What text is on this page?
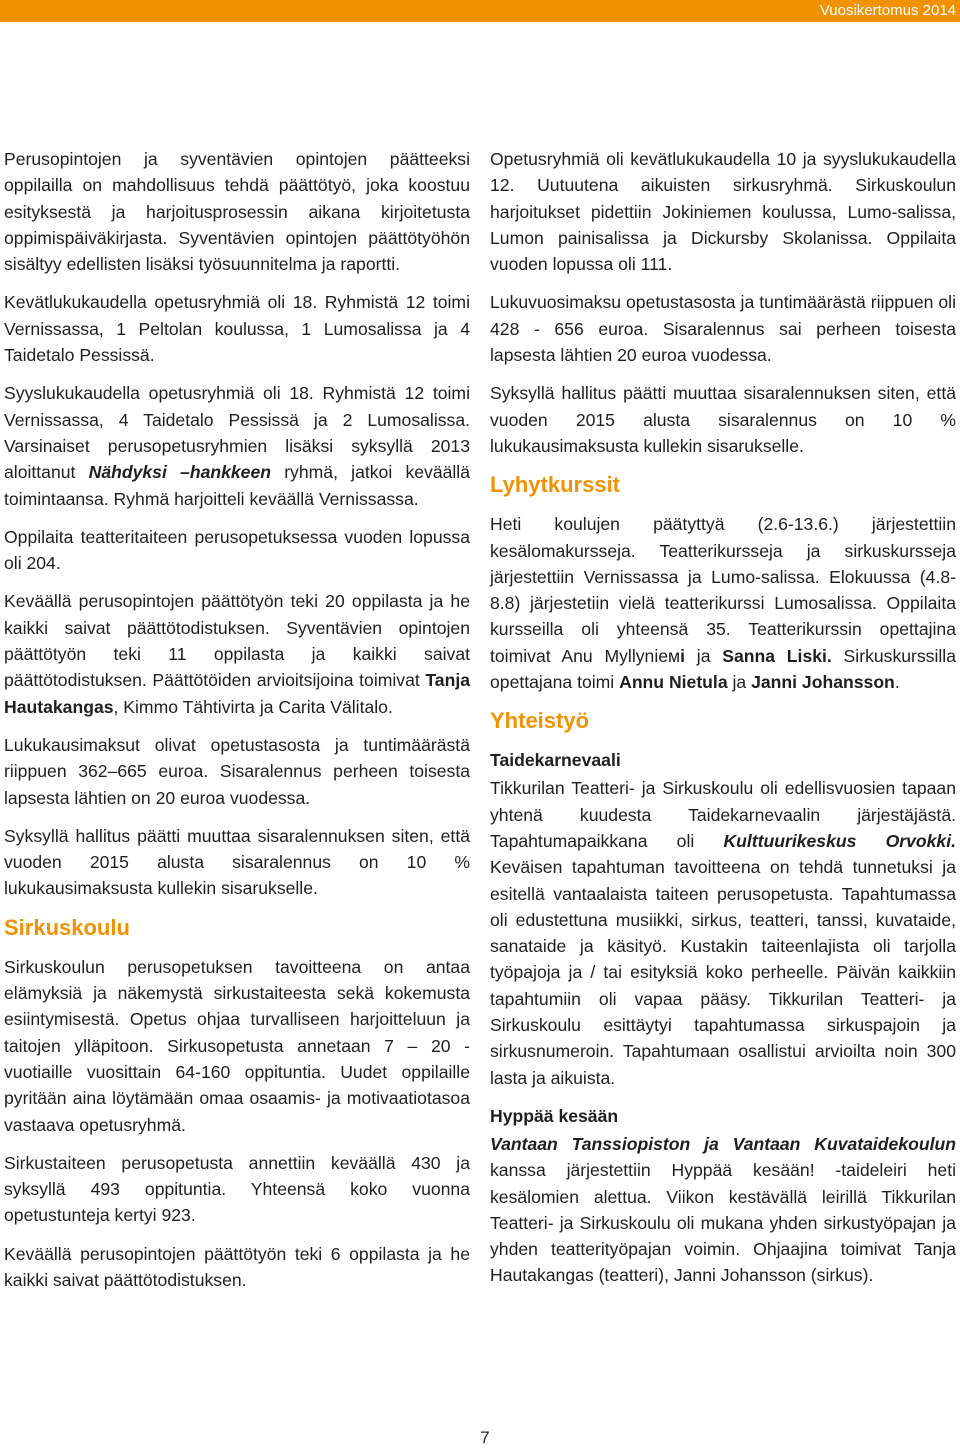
Vuosikertomus 2014

Perusopintojen ja syventävien opintojen päätteeksi oppilailla on mahdollisuus tehdä päättötyö, joka koostuu esityksestä ja harjoitusprosessin aikana kirjoitetusta oppimispäiväkirjasta. Syventävien opintojen päättötyöhön sisältyy edellisten lisäksi työsuunnitelma ja raportti.

Kevätlukukaudella opetusryhmiä oli 18. Ryhmistä 12 toimi Vernissassa, 1 Peltolan koulussa, 1 Lumosalissa ja 4 Taidetalo Pessissä.

Syyslukukaudella opetusryhmiä oli 18. Ryhmistä 12 toimi Vernissassa, 4 Taidetalo Pessissä ja 2 Lumosalissa. Varsinaiset perusopetusryhmien lisäksi syksyllä 2013 aloittanut Nähdyksi –hankkeen ryhmä, jatkoi keväällä toimintaansa. Ryhmä harjoitteli keväällä Vernissassa.

Oppilaita teatteritaiteen perusopetuksessa vuoden lopussa oli 204.

Keväällä perusopintojen päättötyön teki 20 oppilasta ja he kaikki saivat päättötodistuksen. Syventävien opintojen päättötyön teki 11 oppilasta ja kaikki saivat päättötodistuksen. Päättötöiden arvioitsijoina toimivat Tanja Hautakangas, Kimmo Tähtivirta ja Carita Välitalo.

Lukukausimaksut olivat opetustasosta ja tuntimäärästä riippuen 362–665 euroa. Sisaralennus perheen toisesta lapsesta lähtien on 20 euroa vuodessa.

Syksyllä hallitus päätti muuttaa sisaralennuksen siten, että vuoden 2015 alusta sisaralennus on 10 % lukukausimaksusta kullekin sisarukselle.

Sirkuskoulu

Sirkuskoulun perusopetuksen tavoitteena on antaa elämyksiä ja näkemystä sirkustaiteesta sekä kokemusta esiintymisestä. Opetus ohjaa turvalliseen harjoitteluun ja taitojen ylläpitoon. Sirkusopetusta annetaan 7 – 20 -vuotiaille vuosittain 64-160 oppituntia. Uudet oppilaille pyritään aina löytämään omaa osaamis- ja motivaatiotasoa vastaava opetusryhmä.

Sirkustaiteen perusopetusta annettiin keväällä 430 ja syksyllä 493 oppituntia. Yhteensä koko vuonna opetustunteja kertyi 923.

Keväällä perusopintojen päättötyön teki 6 oppilasta ja he kaikki saivat päättötodistuksen.

Opetusryhmiä oli kevätlukukaudella 10 ja syyslukukaudella 12. Uutuutena aikuisten sirkusryhmä. Sirkuskoulun harjoitukset pidettiin Jokiniemen koulussa, Lumo-salissa, Lumon painisalissa ja Dickursby Skolanissa. Oppilaita vuoden lopussa oli 111.

Lukuvuosimaksu opetustasosta ja tuntimäärästä riippuen oli 428 - 656 euroa. Sisaralennus sai perheen toisesta lapsesta lähtien 20 euroa vuodessa.

Syksyllä hallitus päätti muuttaa sisaralennuksen siten, että vuoden 2015 alusta sisaralennus on 10 % lukukausimaksusta kullekin sisarukselle.

Lyhytkurssit

Heti koulujen päätyttyä (2.6-13.6.) järjestettiin kesälomakursseja. Teatterikursseja ja sirkuskursseja järjestettiin Vernissassa ja Lumo-salissa. Elokuussa (4.8-8.8) järjestetiin vielä teatterikurssi Lumosalissa. Oppilaita kursseilla oli yhteensä 35. Teatterikurssin opettajina toimivat Anu Myllynieмi ja Sanna Liski. Sirkuskurssilla opettajana toimi Annu Nietula ja Janni Johansson.

Yhteistyö
Taidekarnevaali

Tikkurilan Teatteri- ja Sirkuskoulu oli edellisvuosien tapaan yhtenä kuudesta Taidekarnevaalin järjestäjästä. Tapahtumapaikkana oli Kulttuurikeskus Orvokki. Keväisen tapahtuman tavoitteena on tehdä tunnetuksi ja esitellä vantaalaista taiteen perusopetusta. Tapahtumassa oli edustettuna musiikki, sirkus, teatteri, tanssi, kuvataide, sanataide ja käsityö. Kustakin taiteenlajista oli tarjolla työpajoja ja / tai esityksiä koko perheelle. Päivän kaikkiin tapahtumiin oli vapaa pääsy. Tikkurilan Teatteri- ja Sirkuskoulu esittäytyi tapahtumassa sirkuspajoin ja sirkusnumeroin. Tapahtumaan osallistui arvioilta noin 300 lasta ja aikuista.

Hyppää kesään

Vantaan Tanssiopiston ja Vantaan Kuvataidekoulun kanssa järjestettiin Hyppää kesään! -taideleiri heti kesälomien alettua. Viikon kestävällä leirillä Tikkurilan Teatteri- ja Sirkuskoulu oli mukana yhden sirkustyöpajan ja yhden teatterityöpajan voimin. Ohjaajina toimivat Tanja Hautakangas (teatteri), Janni Johansson (sirkus).

7
